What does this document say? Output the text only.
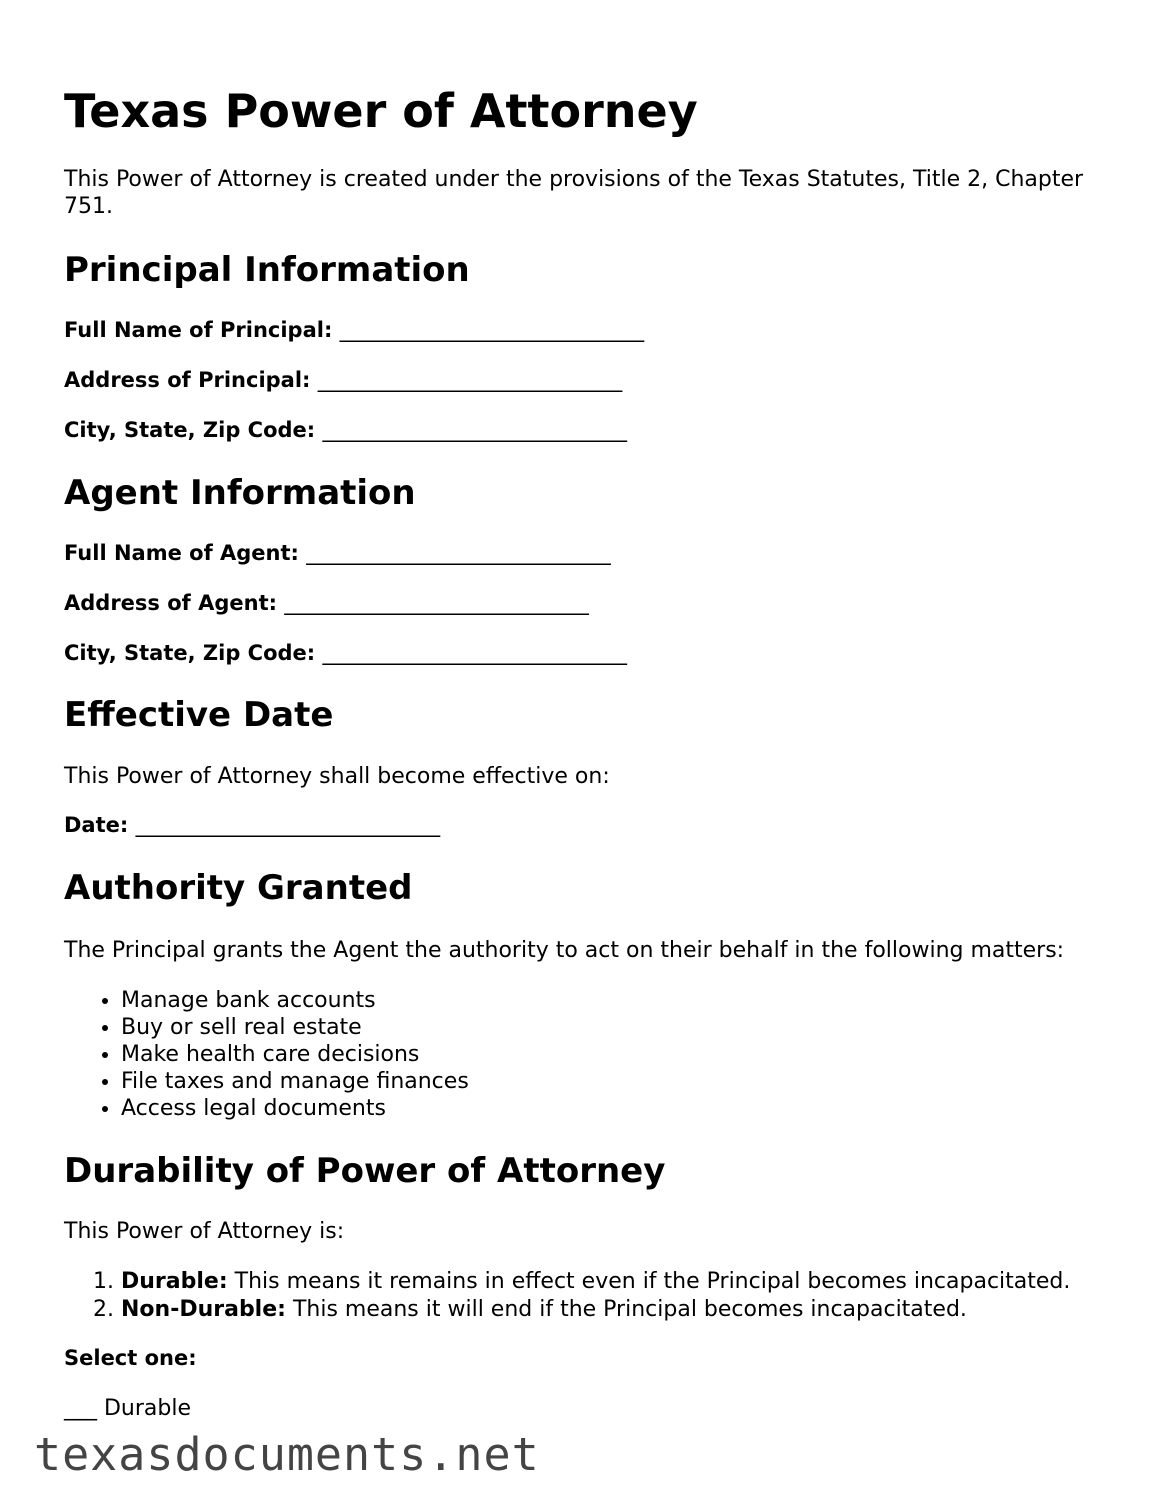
Texas Power of Attorney

This Power of Attorney is created under the provisions of the Texas Statutes, Title 2, Chapter 751.

Principal Information
Full Name of Principal: _____________________________
Address of Principal: _____________________________
City, State, Zip Code: _____________________________
Agent Information
Full Name of Agent: _____________________________
Address of Agent: _____________________________
City, State, Zip Code: _____________________________
Effective Date

This Power of Attorney shall become effective on:

Date: _____________________________
Authority Granted

The Principal grants the Agent the authority to act on their behalf in the following matters:

• Manage bank accounts
• Buy or sell real estate
• Make health care decisions
• File taxes and manage finances
• Access legal documents
Durability of Power of Attorney

This Power of Attorney is:

1. Durable: This means it remains in effect even if the Principal becomes incapacitated.
2. Non-Durable: This means it will end if the Principal becomes incapacitated.
Select one:

___ Durable

texasdocuments.net
